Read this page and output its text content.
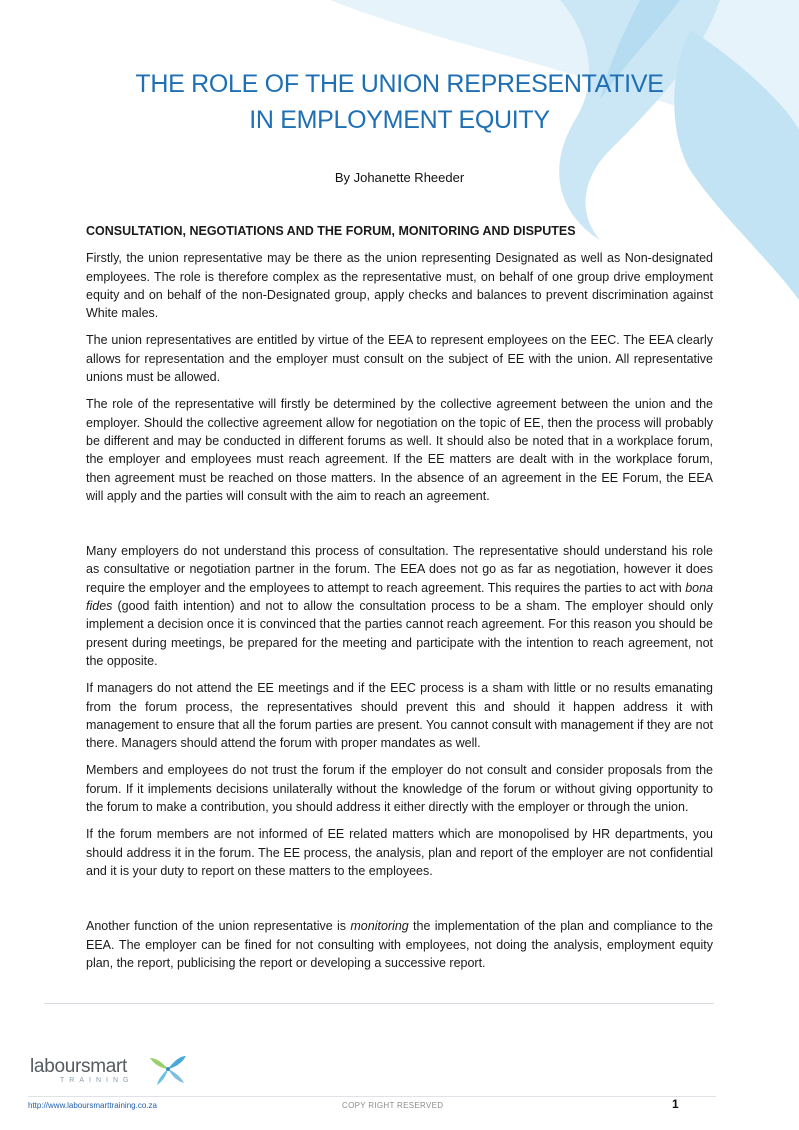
THE ROLE OF THE UNION REPRESENTATIVE
IN EMPLOYMENT EQUITY
By Johanette Rheeder
CONSULTATION, NEGOTIATIONS AND THE FORUM, MONITORING AND DISPUTES

Firstly, the union representative may be there as the union representing Designated as well as Non-designated employees. The role is therefore complex as the representative must, on behalf of one group drive employment equity and on behalf of the non-Designated group, apply checks and balances to prevent discrimination against White males.

The union representatives are entitled by virtue of the EEA to represent employees on the EEC. The EEA clearly allows for representation and the employer must consult on the subject of EE with the union. All representative unions must be allowed.

The role of the representative will firstly be determined by the collective agreement between the union and the employer. Should the collective agreement allow for negotiation on the topic of EE, then the process will probably be different and may be conducted in different forums as well. It should also be noted that in a workplace forum, the employer and employees must reach agreement. If the EE matters are dealt with in the workplace forum, then agreement must be reached on those matters. In the absence of an agreement in the EE Forum, the EEA will apply and the parties will consult with the aim to reach an agreement.

Many employers do not understand this process of consultation. The representative should understand his role as consultative or negotiation partner in the forum. The EEA does not go as far as negotiation, however it does require the employer and the employees to attempt to reach agreement. This requires the parties to act with bona fides (good faith intention) and not to allow the consultation process to be a sham. The employer should only implement a decision once it is convinced that the parties cannot reach agreement. For this reason you should be present during meetings, be prepared for the meeting and participate with the intention to reach agreement, not the opposite.

If managers do not attend the EE meetings and if the EEC process is a sham with little or no results emanating from the forum process, the representatives should prevent this and should it happen address it with management to ensure that all the forum parties are present. You cannot consult with management if they are not there. Managers should attend the forum with proper mandates as well.

Members and employees do not trust the forum if the employer do not consult and consider proposals from the forum. If it implements decisions unilaterally without the knowledge of the forum or without giving opportunity to the forum to make a contribution, you should address it either directly with the employer or through the union.

If the forum members are not informed of EE related matters which are monopolised by HR departments, you should address it in the forum. The EE process, the analysis, plan and report of the employer are not confidential and it is your duty to report on these matters to the employees.

Another function of the union representative is monitoring the implementation of the plan and compliance to the EEA. The employer can be fined for not consulting with employees, not doing the analysis, employment equity plan, the report, publicising the report or developing a successive report.

laboursmart
TRAINING
http://www.laboursmarttraining.co.za	COPY RIGHT RESERVED	1
